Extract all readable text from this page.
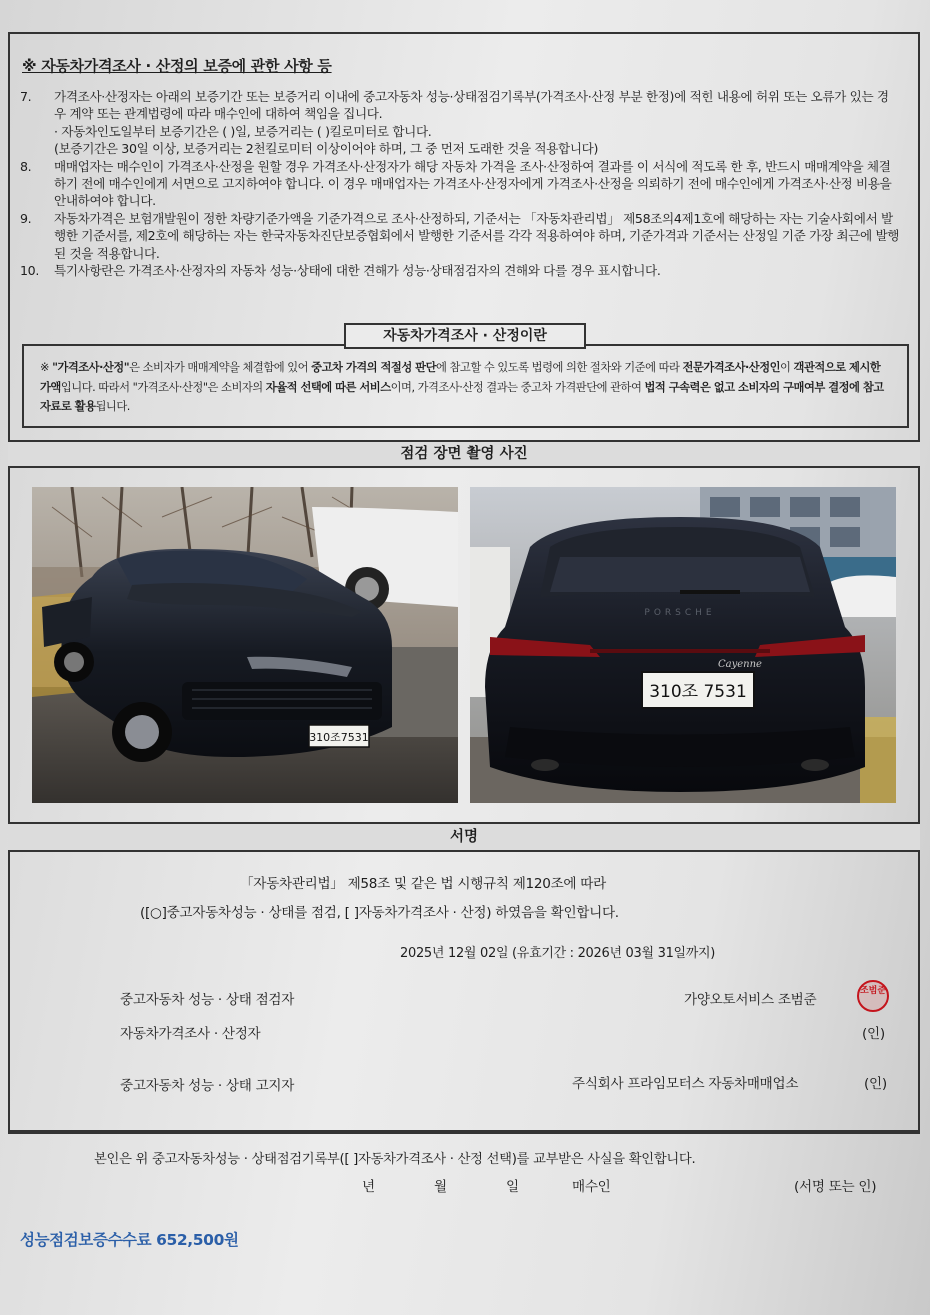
※ 자동차가격조사 · 산정의 보증에 관한 사항 등
7.	가격조사·산정자는 아래의 보증기간 또는 보증거리 이내에 중고자동차 성능·상태점검기록부(가격조사·산정 부분 한정)에 적힌 내용에 허위 또는 오류가 있는 경우 계약 또는 관계법령에 따라 매수인에 대하여 책임을 집니다.
· 자동차인도일부터 보증기간은 ( )일, 보증거리는 ( )킬로미터로 합니다.
(보증기간은 30일 이상, 보증거리는 2천킬로미터 이상이어야 하며, 그 중 먼저 도래한 것을 적용합니다)
8.	매매업자는 매수인이 가격조사·산정을 원할 경우 가격조사·산정자가 해당 자동차 가격을 조사·산정하여 결과를 이 서식에 적도록 한 후, 반드시 매매계약을 체결하기 전에 매수인에게 서면으로 고지하여야 합니다. 이 경우 매매업자는 가격조사·산정자에게 가격조사·산정을 의뢰하기 전에 매수인에게 가격조사·산정 비용을 안내하여야 합니다.
9.	자동차가격은 보험개발원이 정한 차량기준가액을 기준가격으로 조사·산정하되, 기준서는 「자동차관리법」 제58조의4제1호에 해당하는 자는 기술사회에서 발행한 기준서를, 제2호에 해당하는 자는 한국자동차진단보증협회에서 발행한 기준서를 각각 적용하여야 하며, 기준가격과 기준서는 산정일 기준 가장 최근에 발행된 것을 적용합니다.
10.	특기사항란은 가격조사·산정자의 자동차 성능·상태에 대한 견해가 성능·상태점검자의 견해와 다를 경우 표시합니다.
※ "가격조사·산정"은 소비자가 매매계약을 체결함에 있어 중고차 가격의 적절성 판단에 참고할 수 있도록 법령에 의한 절차와 기준에 따라 전문가격조사·산정인이 객관적으로 제시한 가액입니다. 따라서 "가격조사·산정"은 소비자의 자율적 선택에 따른 서비스이며, 가격조사·산정 결과는 중고차 가격판단에 관하여 법적 구속력은 없고 소비자의 구매여부 결정에 참고자료로 활용됩니다.
자동차가격조사 · 산정이란
점검 장면 촬영 사진
310조7531
PORSCHE
Cayenne
310조 7531
서명
「자동차관리법」 제58조 및 같은 법 시행규칙 제120조에 따라
([○]중고자동차성능 · 상태를 점검, [ ]자동차가격조사 · 산정) 하였음을 확인합니다.
2025년 12월 02일 (유효기간 : 2026년 03월 31일까지)
중고자동차 성능 · 상태 점검자	가양오토서비스 조범준
조범준
자동차가격조사 · 산정자	(인)
중고자동차 성능 · 상태 고지자	주식회사 프라임모터스 자동차매매업소	(인)
본인은 위 중고자동차성능 · 상태점검기록부([ ]자동차가격조사 · 산정 선택)를 교부받은 사실을 확인합니다.
년	월	일	매수인	(서명 또는 인)
성능점검보증수수료 652,500원
